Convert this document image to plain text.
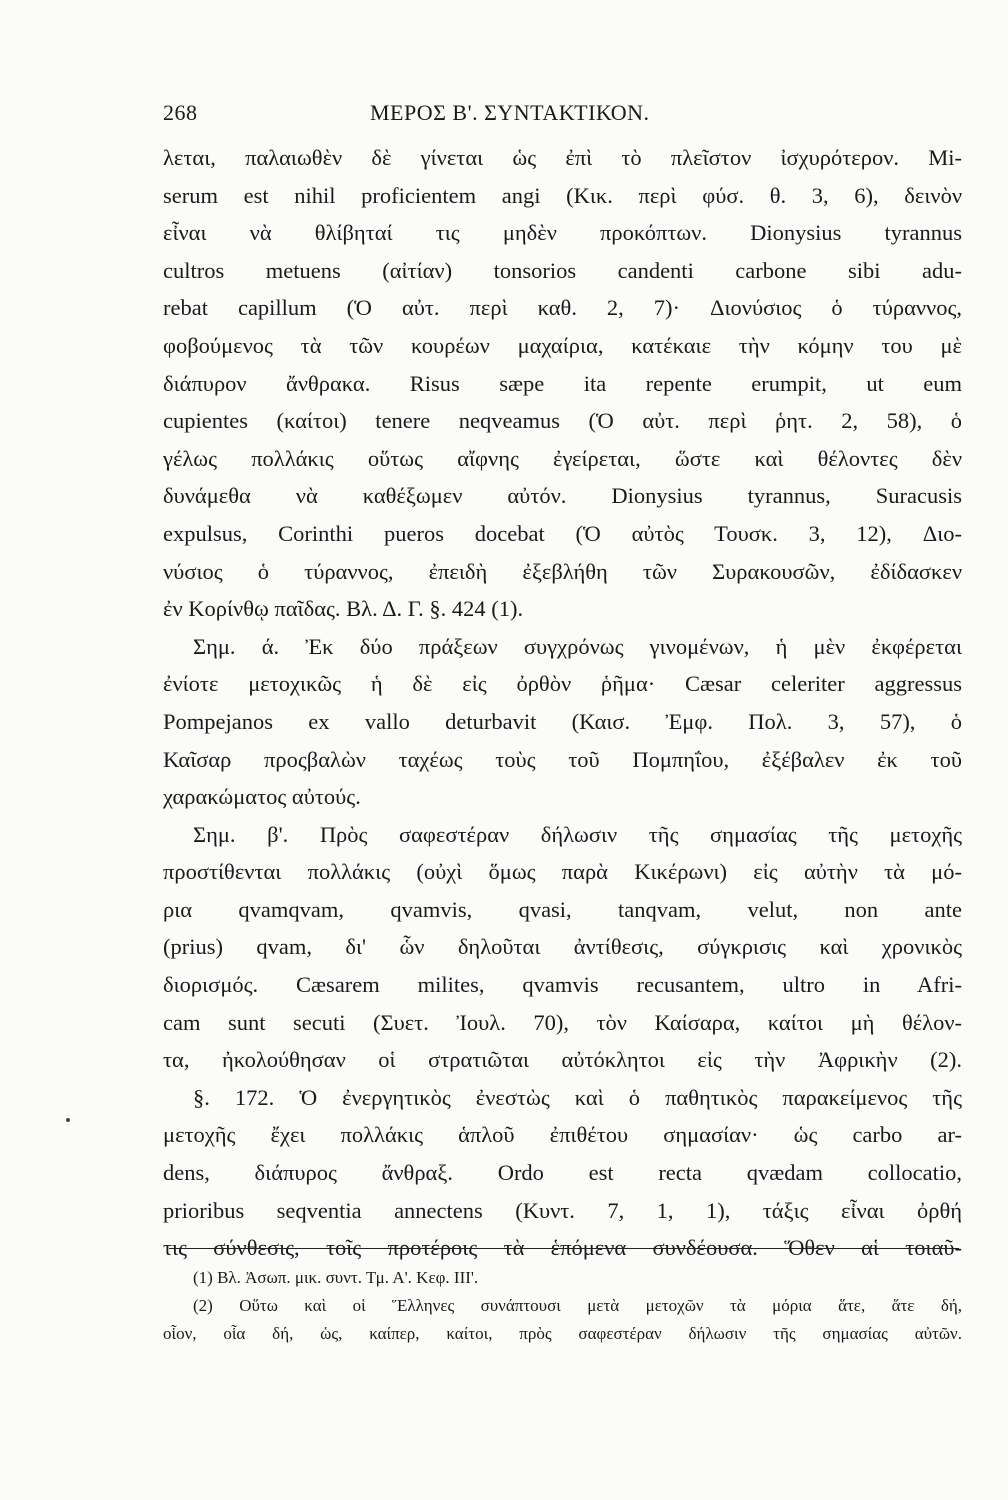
268	ΜΕΡΟΣ Β'. ΣΥΝΤΑΚΤΙΚΟΝ.
λεται, παλαιωθὲν δὲ γίνεται ὡς ἐπὶ τὸ πλεῖστον ἰσχυρότερον. Mi-
serum est nihil proficientem angi (Κικ. περὶ φύσ. θ. 3, 6), δεινὸν
εἶναι νὰ θλίβηταί τις μηδὲν προκόπτων. Dionysius tyrannus
cultros metuens (αἰτίαν) tonsorios candenti carbone sibi adu-
rebat capillum (Ὁ αὐτ. περὶ καθ. 2, 7)· Διονύσιος ὁ τύραννος,
φοβούμενος τὰ τῶν κουρέων μαχαίρια, κατέκαιε τὴν κόμην του μὲ
διάπυρον ἄνθρακα. Risus sæpe ita repente erumpit, ut eum
cupientes (καίτοι) tenere neqveamus (Ὁ αὐτ. περὶ ῥητ. 2, 58), ὁ
γέλως πολλάκις οὕτως αἴφνης ἐγείρεται, ὥστε καὶ θέλοντες δὲν
δυνάμεθα νὰ καθέξωμεν αὐτόν. Dionysius tyrannus, Suracusis
expulsus, Corinthi pueros docebat (Ὁ αὐτὸς Τουσκ. 3, 12), Διο-
νύσιος ὁ τύραννος, ἐπειδὴ ἐξεβλήθη τῶν Συρακουσῶν, ἐδίδασκεν
ἐν Κορίνθῳ παῖδας. Βλ. Δ. Γ. §. 424 (1).
Σημ. ά. Ἐκ δύο πράξεων συγχρόνως γινομένων, ἡ μὲν ἐκφέρεται
ἐνίοτε μετοχικῶς ἡ δὲ εἰς ὀρθὸν ῥῆμα· Cæsar celeriter aggressus
Pompejanos ex vallo deturbavit (Καισ. Ἐμφ. Πολ. 3, 57), ὁ
Καῖσαρ προςβαλὼν ταχέως τοὺς τοῦ Πομπηΐου, ἐξέβαλεν ἐκ τοῦ
χαρακώματος αὐτούς.
Σημ. β'. Πρὸς σαφεστέραν δήλωσιν τῆς σημασίας τῆς μετοχῆς
προστίθενται πολλάκις (οὐχὶ ὅμως παρὰ Κικέρωνι) εἰς αὐτὴν τὰ μό-
ρια qvamqvam, qvamvis, qvasi, tanqvam, velut, non ante
(prius) qvam, δι' ὧν δηλοῦται ἀντίθεσις, σύγκρισις καὶ χρονικὸς
διορισμός. Cæsarem milites, qvamvis recusantem, ultro in Afri-
cam sunt secuti (Συετ. Ἰουλ. 70), τὸν Καίσαρα, καίτοι μὴ θέλον-
τα, ἠκολούθησαν οἱ στρατιῶται αὐτόκλητοι εἰς τὴν Ἀφρικὴν (2).
§. 172. Ὁ ἐνεργητικὸς ἐνεστὼς καὶ ὁ παθητικὸς παρακείμενος τῆς
μετοχῆς ἔχει πολλάκις ἁπλοῦ ἐπιθέτου σημασίαν· ὡς carbo ar-
dens, διάπυρος ἄνθραξ. Ordo est recta qvædam collocatio,
prioribus seqventia annectens (Κυντ. 7, 1, 1), τάξις εἶναι ὀρθή
τις σύνθεσις, τοῖς προτέροις τὰ ἑπόμενα συνδέουσα. Ὅθεν αἱ τοιαῦ-
(1) Βλ. Ἀσωπ. μικ. συντ. Τμ. Α'. Κεφ. ΙΙΙ'.
(2) Οὕτω καὶ οἱ Ἕλληνες συνάπτουσι μετὰ μετοχῶν τὰ μόρια ἅτε, ἅτε δή,
οἷον, οἷα δή, ὡς, καίπερ, καίτοι, πρὸς σαφεστέραν δήλωσιν τῆς σημασίας αὐτῶν.
